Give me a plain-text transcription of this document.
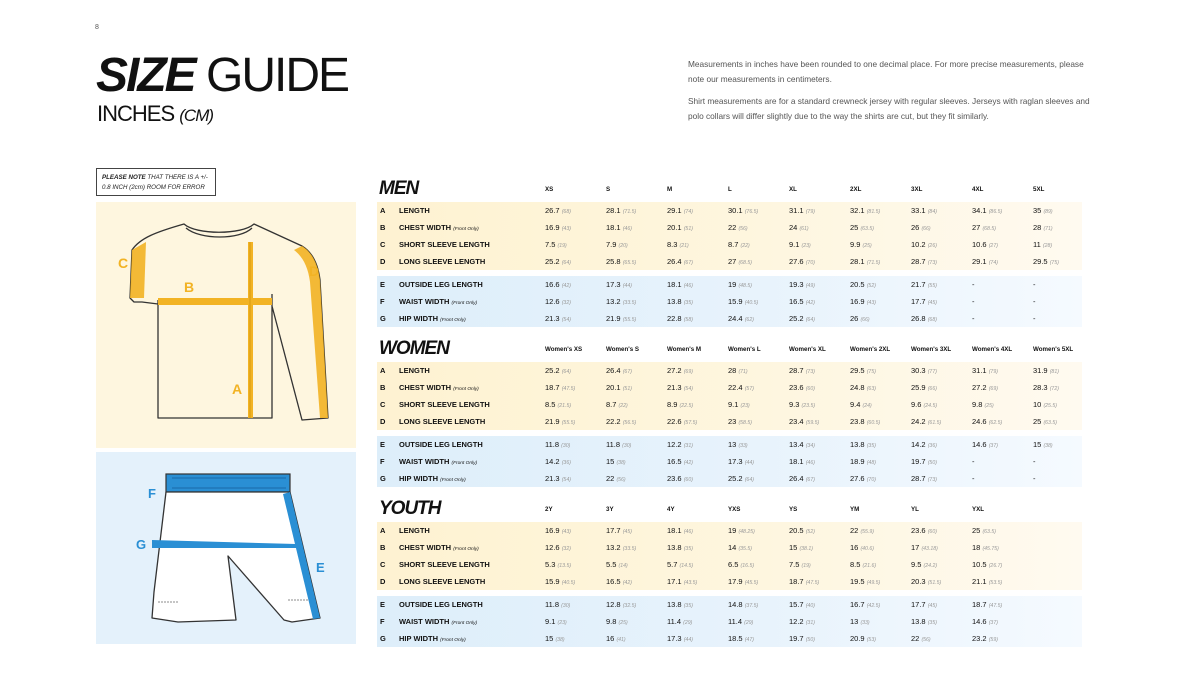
8
SIZE GUIDE
INCHES (CM)

Measurements in inches have been rounded to one decimal place. For more precise measurements, please note our measurements in centimeters.

Shirt measurements are for a standard crewneck jersey with regular sleeves. Jerseys with raglan sleeves and polo collars will differ slightly due to the way the shirts are cut, but they fit similarly.

PLEASE NOTE THAT THERE IS A +/- 0.8 INCH (2cm) ROOM FOR ERROR
C
B
D
A
F
G
E
MEN	XS	S	M	L	XL	2XL	3XL	4XL	5XL
A LENGTH	26.7 (68)	28.1 (71.5)	29.1 (74)	30.1 (76.5)	31.1 (79)	32.1 (81.5)	33.1 (84)	34.1 (86.5)	35 (89)
B CHEST WIDTH (Front Only)	16.9 (43)	18.1 (46)	20.1 (51)	22 (56)	24 (61)	25 (63.5)	26 (66)	27 (68.5)	28 (71)
C SHORT SLEEVE LENGTH	7.5 (19)	7.9 (20)	8.3 (21)	8.7 (22)	9.1 (23)	9.9 (25)	10.2 (26)	10.6 (27)	11 (28)
D LONG SLEEVE LENGTH	25.2 (64)	25.8 (65.5)	26.4 (67)	27 (68.5)	27.6 (70)	28.1 (71.5)	28.7 (73)	29.1 (74)	29.5 (75)
E OUTSIDE LEG LENGTH	16.6 (42)	17.3 (44)	18.1 (46)	19 (48.5)	19.3 (49)	20.5 (52)	21.7 (55)	-	-
F WAIST WIDTH (Front Only)	12.6 (32)	13.2 (33.5)	13.8 (35)	15.9 (40.5)	16.5 (42)	16.9 (43)	17.7 (45)	-	-
G HIP WIDTH (Front Only)	21.3 (54)	21.9 (55.5)	22.8 (58)	24.4 (62)	25.2 (64)	26 (66)	26.8 (68)	-	-
WOMEN	Women's XS	Women's S	Women's M	Women's L	Women's XL	Women's 2XL	Women's 3XL	Women's 4XL	Women's 5XL
A LENGTH	25.2 (64)	26.4 (67)	27.2 (69)	28 (71)	28.7 (73)	29.5 (75)	30.3 (77)	31.1 (79)	31.9 (81)
B CHEST WIDTH (Front Only)	18.7 (47.5)	20.1 (51)	21.3 (54)	22.4 (57)	23.6 (60)	24.8 (63)	25.9 (66)	27.2 (69)	28.3 (72)
C SHORT SLEEVE LENGTH	8.5 (21.5)	8.7 (22)	8.9 (22.5)	9.1 (23)	9.3 (23.5)	9.4 (24)	9.6 (24.5)	9.8 (25)	10 (25.5)
D LONG SLEEVE LENGTH	21.9 (55.5)	22.2 (56.5)	22.6 (57.5)	23 (58.5)	23.4 (59.5)	23.8 (60.5)	24.2 (61.5)	24.6 (62.5)	25 (63.5)
E OUTSIDE LEG LENGTH	11.8 (30)	11.8 (30)	12.2 (31)	13 (33)	13.4 (34)	13.8 (35)	14.2 (36)	14.6 (37)	15 (38)
F WAIST WIDTH (Front Only)	14.2 (36)	15 (38)	16.5 (42)	17.3 (44)	18.1 (46)	18.9 (48)	19.7 (50)	-	-
G HIP WIDTH (Front Only)	21.3 (54)	22 (56)	23.6 (60)	25.2 (64)	26.4 (67)	27.6 (70)	28.7 (73)	-	-
YOUTH	2Y	3Y	4Y	YXS	YS	YM	YL	YXL
A LENGTH	16.9 (43)	17.7 (45)	18.1 (46)	19 (48.25)	20.5 (52)	22 (55.9)	23.6 (60)	25 (63.5)
B CHEST WIDTH (Front Only)	12.6 (32)	13.2 (33.5)	13.8 (35)	14 (35.5)	15 (38.1)	16 (40.6)	17 (43.18)	18 (45.75)
C SHORT SLEEVE LENGTH	5.3 (13.5)	5.5 (14)	5.7 (14.5)	6.5 (16.5)	7.5 (19)	8.5 (21.6)	9.5 (24.2)	10.5 (26.7)
D LONG SLEEVE LENGTH	15.9 (40.5)	16.5 (42)	17.1 (43.5)	17.9 (45.5)	18.7 (47.5)	19.5 (49.5)	20.3 (51.5)	21.1 (53.5)
E OUTSIDE LEG LENGTH	11.8 (30)	12.8 (32.5)	13.8 (35)	14.8 (37.5)	15.7 (40)	16.7 (42.5)	17.7 (45)	18.7 (47.5)
F WAIST WIDTH (Front Only)	9.1 (23)	9.8 (25)	11.4 (29)	11.4 (29)	12.2 (31)	13 (33)	13.8 (35)	14.6 (37)
G HIP WIDTH (Front Only)	15 (38)	16 (41)	17.3 (44)	18.5 (47)	19.7 (50)	20.9 (53)	22 (56)	23.2 (59)
